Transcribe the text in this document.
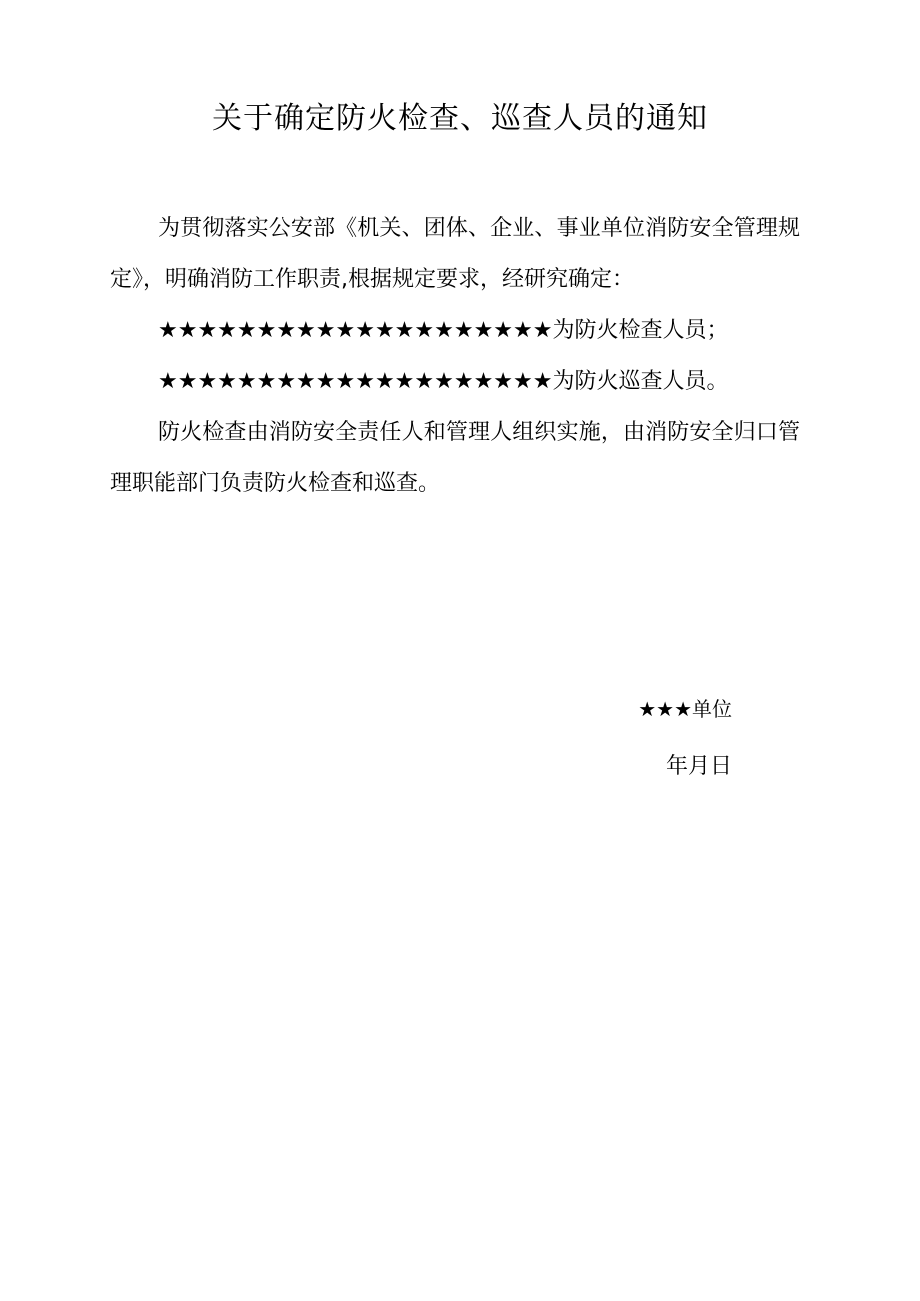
关于确定防火检查、巡查人员的通知

为贯彻落实公安部《机关、团体、企业、事业单位消防安全管理规定》，明确消防工作职责,根据规定要求，经研究确定：

★★★★★★★★★★★★★★★★★★★★为防火检查人员；

★★★★★★★★★★★★★★★★★★★★为防火巡查人员。

防火检查由消防安全责任人和管理人组织实施，由消防安全归口管理职能部门负责防火检查和巡查。

★★★单位
年月日
